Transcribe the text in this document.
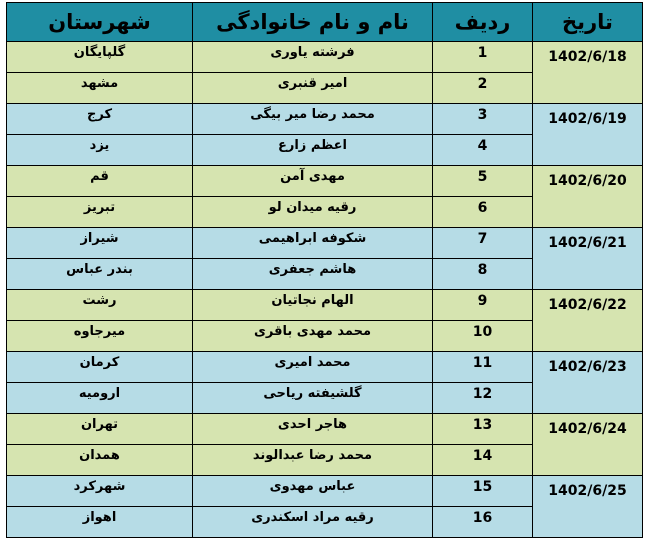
تاریخ	ردیف	نام و نام خانوادگی	شهرستان
1402/6/18	1	فرشته یاوری	گلپایگان
	2	امیر قنبری	مشهد
1402/6/19	3	محمد رضا میر بیگی	کرج
	4	اعظم زارع	یزد
1402/6/20	5	مهدی آمن	قم
	6	رقیه میدان لو	تبریز
1402/6/21	7	شکوفه ابراهیمی	شیراز
	8	هاشم جعفری	بندر عباس
1402/6/22	9	الهام نجاتیان	رشت
	10	محمد مهدی باقری	میرجاوه
1402/6/23	11	محمد امیری	کرمان
	12	گلشیفته ریاحی	ارومیه
1402/6/24	13	هاجر احدی	تهران
	14	محمد رضا عبدالوند	همدان
1402/6/25	15	عباس مهدوی	شهرکرد
	16	رقیه مراد اسکندری	اهواز
